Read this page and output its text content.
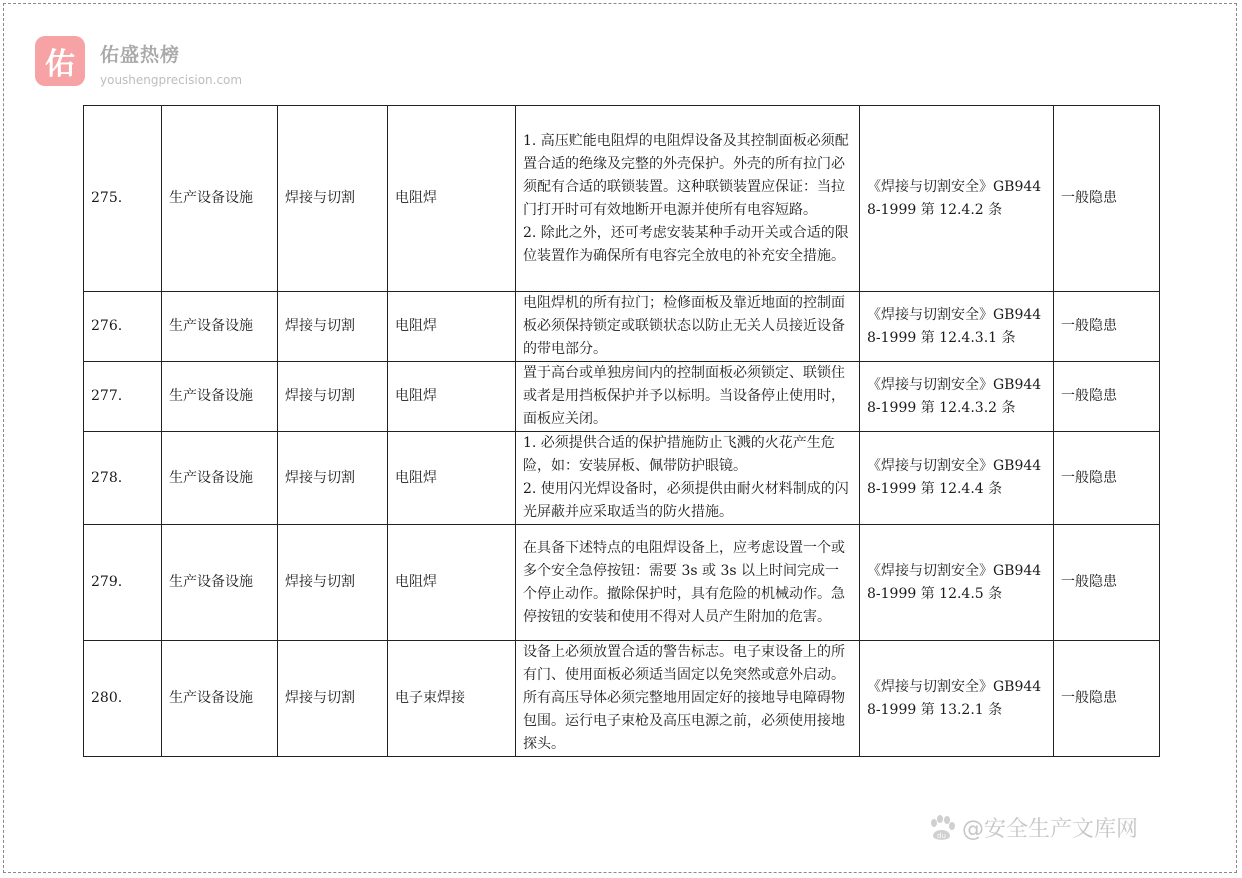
佑	佑盛热榜
youshengprecision.com
275.	生产设备设施	焊接与切割	电阻焊	1. 高压贮能电阻焊的电阻焊设备及其控制面板必须配置合适的绝缘及完整的外壳保护。外壳的所有拉门必须配有合适的联锁装置。这种联锁装置应保证：当拉门打开时可有效地断开电源并使所有电容短路。
2. 除此之外，还可考虑安装某种手动开关或合适的限位装置作为确保所有电容完全放电的补充安全措施。	《焊接与切割安全》GB9448-1999 第 12.4.2 条	一般隐患
276.	生产设备设施	焊接与切割	电阻焊	电阻焊机的所有拉门；检修面板及靠近地面的控制面板必须保持锁定或联锁状态以防止无关人员接近设备的带电部分。	《焊接与切割安全》GB9448-1999 第 12.4.3.1 条	一般隐患
277.	生产设备设施	焊接与切割	电阻焊	置于高台或单独房间内的控制面板必须锁定、联锁住或者是用挡板保护并予以标明。当设备停止使用时，面板应关闭。	《焊接与切割安全》GB9448-1999 第 12.4.3.2 条	一般隐患
278.	生产设备设施	焊接与切割	电阻焊	1. 必须提供合适的保护措施防止飞溅的火花产生危险，如：安装屏板、佩带防护眼镜。
2. 使用闪光焊设备时，必须提供由耐火材料制成的闪光屏蔽并应采取适当的防火措施。	《焊接与切割安全》GB9448-1999 第 12.4.4 条	一般隐患
279.	生产设备设施	焊接与切割	电阻焊	在具备下述特点的电阻焊设备上，应考虑设置一个或多个安全急停按钮：需要 3s 或 3s 以上时间完成一个停止动作。撤除保护时，具有危险的机械动作。急停按钮的安装和使用不得对人员产生附加的危害。	《焊接与切割安全》GB9448-1999 第 12.4.5 条	一般隐患
280.	生产设备设施	焊接与切割	电子束焊接	设备上必须放置合适的警告标志。电子束设备上的所有门、使用面板必须适当固定以免突然或意外启动。所有高压导体必须完整地用固定好的接地导电障碍物包围。运行电子束枪及高压电源之前，必须使用接地探头。	《焊接与切割安全》GB9448-1999 第 13.2.1 条	一般隐患
du @安全生产文库网
